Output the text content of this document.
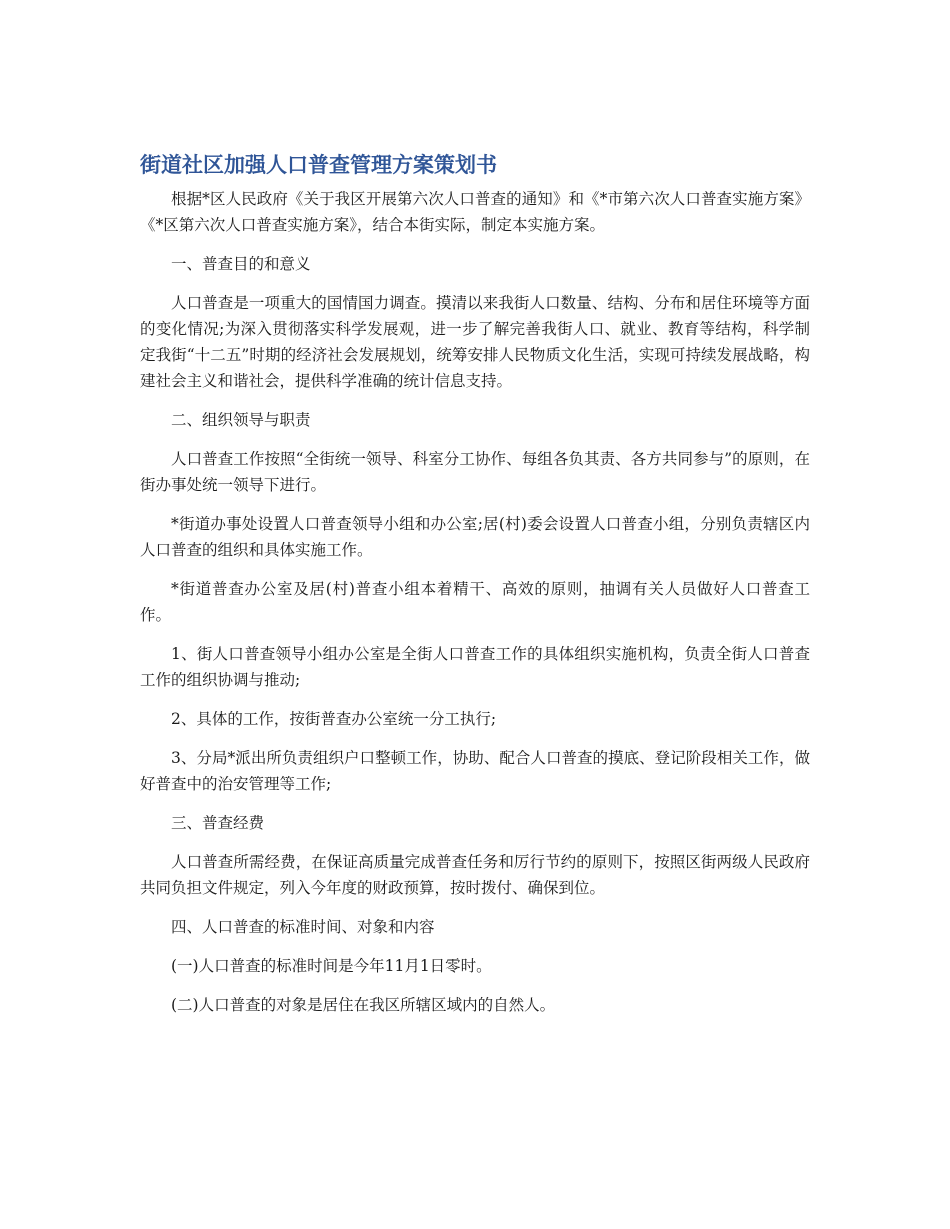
街道社区加强人口普查管理方案策划书

根据*区人民政府《关于我区开展第六次人口普查的通知》和《*市第六次人口普查实施方案》《*区第六次人口普查实施方案》，结合本街实际，制定本实施方案。

一、普查目的和意义

人口普查是一项重大的国情国力调查。摸清以来我街人口数量、结构、分布和居住环境等方面的变化情况;为深入贯彻落实科学发展观，进一步了解完善我街人口、就业、教育等结构，科学制定我街“十二五”时期的经济社会发展规划，统筹安排人民物质文化生活，实现可持续发展战略，构建社会主义和谐社会，提供科学准确的统计信息支持。

二、组织领导与职责

人口普查工作按照“全街统一领导、科室分工协作、每组各负其责、各方共同参与”的原则，在街办事处统一领导下进行。

*街道办事处设置人口普查领导小组和办公室;居(村)委会设置人口普查小组，分别负责辖区内人口普查的组织和具体实施工作。

*街道普查办公室及居(村)普查小组本着精干、高效的原则，抽调有关人员做好人口普查工作。

1、街人口普查领导小组办公室是全街人口普查工作的具体组织实施机构，负责全街人口普查工作的组织协调与推动;

2、具体的工作，按街普查办公室统一分工执行;

3、分局*派出所负责组织户口整顿工作，协助、配合人口普查的摸底、登记阶段相关工作，做好普查中的治安管理等工作;

三、普查经费

人口普查所需经费，在保证高质量完成普查任务和厉行节约的原则下，按照区街两级人民政府共同负担文件规定，列入今年度的财政预算，按时拨付、确保到位。

四、人口普查的标准时间、对象和内容

(一)人口普查的标准时间是今年11月1日零时。

(二)人口普查的对象是居住在我区所辖区域内的自然人。
